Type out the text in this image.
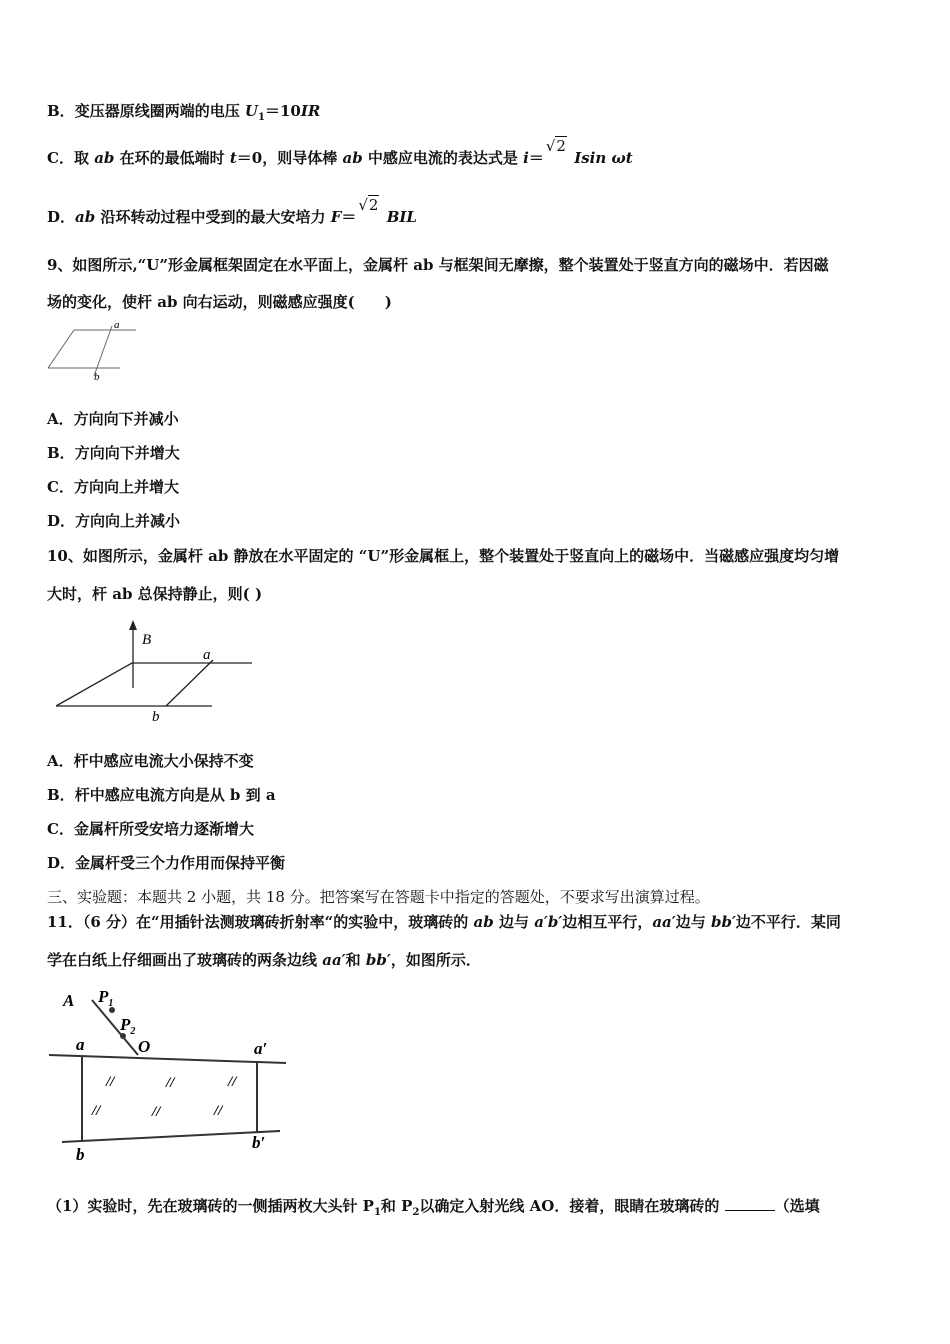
B．变压器原线圈两端的电压 $U_1=10IR$
C．取 ab 在环的最低端时 t＝0，则导体棒 ab 中感应电流的表达式是 i＝√2 Isin ωt
D．ab 沿环转动过程中受到的最大安培力 F＝√2 BIL
9、如图所示,“U”形金属框架固定在水平面上，金属杆 ab 与框架间无摩擦，整个装置处于竖直方向的磁场中．若因磁
场的变化，使杆 ab 向右运动，则磁感应强度(　　)
a
b
A．方向向下并减小
B．方向向下并增大
C．方向向上并增大
D．方向向上并减小
10、如图所示，金属杆 ab 静放在水平固定的 “U”形金属框上，整个装置处于竖直向上的磁场中．当磁感应强度均匀增
大时，杆 ab 总保持静止，则( )
B
a
b
A．杆中感应电流大小保持不变
B．杆中感应电流方向是从 b 到 a
C．金属杆所受安培力逐渐增大
D．金属杆受三个力作用而保持平衡
三、实验题：本题共 2 小题，共 18 分。把答案写在答题卡中指定的答题处，不要求写出演算过程。
11．（6 分）在“用插针法测玻璃砖折射率“的实验中，玻璃砖的 ab 边与 a′b′边相互平行，aa′边与 bb′边不平行．某同
学在白纸上仔细画出了玻璃砖的两条边线 aa′和 bb′，如图所示．
A $P_1$
$P_2$
O
a	a′
b
b′
//	//	//
//	//	//
（1）实验时，先在玻璃砖的一侧插两枚大头针 $P_1$和 $P_2$以确定入射光线 AO．接着，眼睛在玻璃砖的	（选填
